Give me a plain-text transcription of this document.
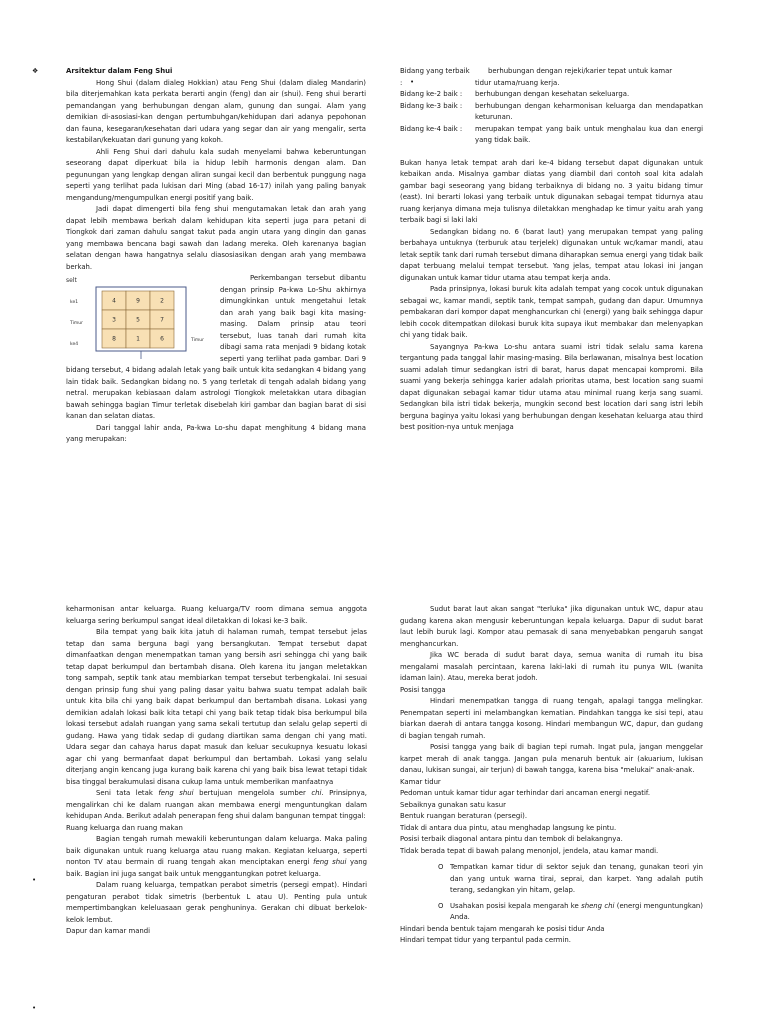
❖
•
•
•

Arsitektur dalam Feng Shui

Hong Shui (dalam dialeg Hokkian) atau Feng Shui (dalam dialeg Mandarin) bila diterjemahkan kata perkata berarti angin (feng) dan air (shui). Feng shui berarti pemandangan yang berhubungan dengan alam, gunung dan sungai. Alam yang demikian di-asosiasi-kan dengan pertumbuhgan/kehidupan dari adanya pepohonan dan fauna, kesegaran/kesehatan dari udara yang segar dan air yang mengalir, serta kestabilan/kekuatan dari gunung yang kokoh.

Ahli Feng Shui dari dahulu kala sudah menyelami bahwa keberuntungan seseorang dapat diperkuat bila ia hidup lebih harmonis dengan alam. Dan pegunungan yang lengkap dengan aliran sungai kecil dan berbentuk punggung naga seperti yang terlihat pada lukisan dari Ming (abad 16-17) inilah yang paling banyak mengandung/mengumpulkan energi positif yang baik.

Jadi dapat dimengerti bila feng shui mengutamakan letak dan arah yang dapat lebih membawa berkah dalam kehidupan kita seperti juga para petani di Tiongkok dari zaman dahulu sangat takut pada angin utara yang dingin dan ganas yang membawa bencana bagi sawah dan ladang mereka. Oleh karenanya bagian selatan dengan hawa hangatnya selalu diasosiasikan dengan arah yang membawa berkah.

selt
4	9	2
3	5	7
8	1	6
ke1
Timur
ke4
Timur

Perkembangan tersebut dibantu dengan prinsip Pa-kwa Lo-Shu akhirnya dimungkinkan untuk mengetahui letak dan arah yang baik bagi kita masing-masing. Dalam prinsip atau teori tersebut, luas tanah dari rumah kita dibagi sama rata menjadi 9 bidang kotak seperti yang terlihat pada gambar. Dari 9 bidang tersebut, 4 bidang adalah letak yang baik untuk kita sedangkan 4 bidang yang lain tidak baik. Sedangkan bidang no. 5 yang terletak di tengah adalah bidang yang netral. merupakan kebiasaan dalam astrologi Tiongkok meletakkan utara dibagian bawah sehingga bagian Timur terletak disebelah kiri gambar dan bagian barat di sisi kanan dan selatan diatas.

Dari tanggal lahir anda, Pa-kwa Lo-shu dapat menghitung 4 bidang mana yang merupakan:

Bidang yang terbaik	berhubungan dengan rejeki/karier tepat untuk kamar
:	tidur utama/ruang kerja.
Bidang ke-2 baik :	berhubungan dengan kesehatan sekeluarga.
Bidang ke-3 baik :	berhubungan dengan keharmonisan keluarga dan mendapatkan keturunan.
Bidang ke-4 baik :	merupakan tempat yang baik untuk menghalau kua dan energi yang tidak baik.

Bukan hanya letak tempat arah dari ke-4 bidang tersebut dapat digunakan untuk kebaikan anda. Misalnya gambar diatas yang diambil dari contoh soal kita adalah gambar bagi seseorang yang bidang terbaiknya di bidang no. 3 yaitu bidang timur (east). Ini berarti lokasi yang terbaik untuk digunakan sebagai tempat tidurnya atau ruang kerjanya dimana meja tulisnya diletakkan menghadap ke timur yaitu arah yang terbaik bagi si laki laki

Sedangkan bidang no. 6 (barat laut) yang merupakan tempat yang paling berbahaya untuknya (terburuk atau terjelek) digunakan untuk wc/kamar mandi, atau letak septik tank dari rumah tersebut dimana diharapkan semua energi yang tidak baik dapat terbuang melalui tempat tersebut. Yang jelas, tempat atau lokasi ini jangan digunakan untuk kamar tidur utama atau tempat kerja anda.

Pada prinsipnya, lokasi buruk kita adalah tempat yang cocok untuk digunakan sebagai wc, kamar mandi, septik tank, tempat sampah, gudang dan dapur. Umumnya pembakaran dari kompor dapat menghancurkan chi (energi) yang baik sehingga dapur lebih cocok ditempatkan dilokasi buruk kita supaya ikut membakar dan melenyapkan chi yang tidak baik.

Sayangnya Pa-kwa Lo-shu antara suami istri tidak selalu sama karena tergantung pada tanggal lahir masing-masing. Bila berlawanan, misalnya best location suami adalah timur sedangkan istri di barat, harus dapat mencapai kompromi. Bila suami yang bekerja sehingga karier adalah prioritas utama, best location sang suami dapat digunakan sebagai kamar tidur utama atau minimal ruang kerja sang suami. Sedangkan bila istri tidak bekerja, mungkin second best location dari sang istri lebih berguna baginya yaitu lokasi yang berhubungan dengan kesehatan keluarga atau third best position-nya untuk menjaga

keharmonisan antar keluarga. Ruang keluarga/TV room dimana semua anggota keluarga sering berkumpul sangat ideal diletakkan di lokasi ke-3 baik.

Bila tempat yang baik kita jatuh di halaman rumah, tempat tersebut jelas tetap dan sama berguna bagi yang bersangkutan. Tempat tersebut dapat dimanfaatkan dengan menempatkan taman yang bersih asri sehingga chi yang baik tetap dapat berkumpul dan bertambah disana. Oleh karena itu jangan meletakkan tong sampah, septik tank atau membiarkan tempat tersebut terbengkalai. Ini sesuai dengan prinsip fung shui yang paling dasar yaitu bahwa suatu tempat adalah baik untuk kita bila chi yang baik dapat berkumpul dan bertambah disana. Lokasi yang demikian adalah lokasi baik kita tetapi chi yang baik tetap tidak bisa berkumpul bila lokasi tersebut adalah ruangan yang sama sekali tertutup dan selalu gelap seperti di gudang. Hawa yang tidak sedap di gudang diartikan sama dengan chi yang mati. Udara segar dan cahaya harus dapat masuk dan keluar secukupnya kesuatu lokasi agar chi yang bermanfaat dapat berkumpul dan bertambah. Lokasi yang selalu diterjang angin kencang juga kurang baik karena chi yang baik bisa lewat tetapi tidak bisa tinggal berakumulasi disana cukup lama untuk memberikan manfaatnya

Seni tata letak feng shui bertujuan mengelola sumber chi. Prinsipnya, mengalirkan chi ke dalam ruangan akan membawa energi menguntungkan dalam kehidupan Anda. Berikut adalah penerapan feng shui dalam bangunan tempat tinggal:

Ruang keluarga dan ruang makan

Bagian tengah rumah mewakili keberuntungan dalam keluarga. Maka paling baik digunakan untuk ruang keluarga atau ruang makan. Kegiatan keluarga, seperti nonton TV atau bermain di ruang tengah akan menciptakan energi feng shui yang baik. Bagian ini juga sangat baik untuk menggantungkan potret keluarga.

Dalam ruang keluarga, tempatkan perabot simetris (persegi empat). Hindari pengaturan perabot tidak simetris (berbentuk L atau U). Penting pula untuk mempertimbangkan keleluasaan gerak penghuninya. Gerakan chi dibuat berkelok-kelok lembut.

Dapur dan kamar mandi

Sudut barat laut akan sangat "terluka" jika digunakan untuk WC, dapur atau gudang karena akan mengusir keberuntungan kepala keluarga. Dapur di sudut barat laut lebih buruk lagi. Kompor atau pemasak di sana menyebabkan pengaruh sangat menghancurkan.

Jika WC berada di sudut barat daya, semua wanita di rumah itu bisa mengalami masalah percintaan, karena laki-laki di rumah itu punya WIL (wanita idaman lain). Atau, mereka berat jodoh.

Posisi tangga

Hindari menempatkan tangga di ruang tengah, apalagi tangga melingkar. Penempatan seperti ini melambangkan kematian. Pindahkan tangga ke sisi tepi, atau biarkan daerah di antara tangga kosong. Hindari membangun WC, dapur, dan gudang di bagian tengah rumah.

Posisi tangga yang baik di bagian tepi rumah. Ingat pula, jangan menggelar karpet merah di anak tangga. Jangan pula menaruh bentuk air (akuarium, lukisan danau, lukisan sungai, air terjun) di bawah tangga, karena bisa "melukai" anak-anak.

Kamar tidur

Pedoman untuk kamar tidur agar terhindar dari ancaman energi negatif.

Sebaiknya gunakan satu kasur

Bentuk ruangan beraturan (persegi).

Tidak di antara dua pintu, atau menghadap langsung ke pintu.

Posisi terbaik diagonal antara pintu dan tembok di belakangnya.

Tidak berada tepat di bawah palang menonjol, jendela, atau kamar mandi.

O Tempatkan kamar tidur di sektor sejuk dan tenang, gunakan teori yin dan yang untuk warna tirai, seprai, dan karpet. Yang adalah putih terang, sedangkan yin hitam, gelap.

O Usahakan posisi kepala mengarah ke sheng chi (energi menguntungkan) Anda.

Hindari benda bentuk tajam mengarah ke posisi tidur Anda

Hindari tempat tidur yang terpantul pada cermin.
